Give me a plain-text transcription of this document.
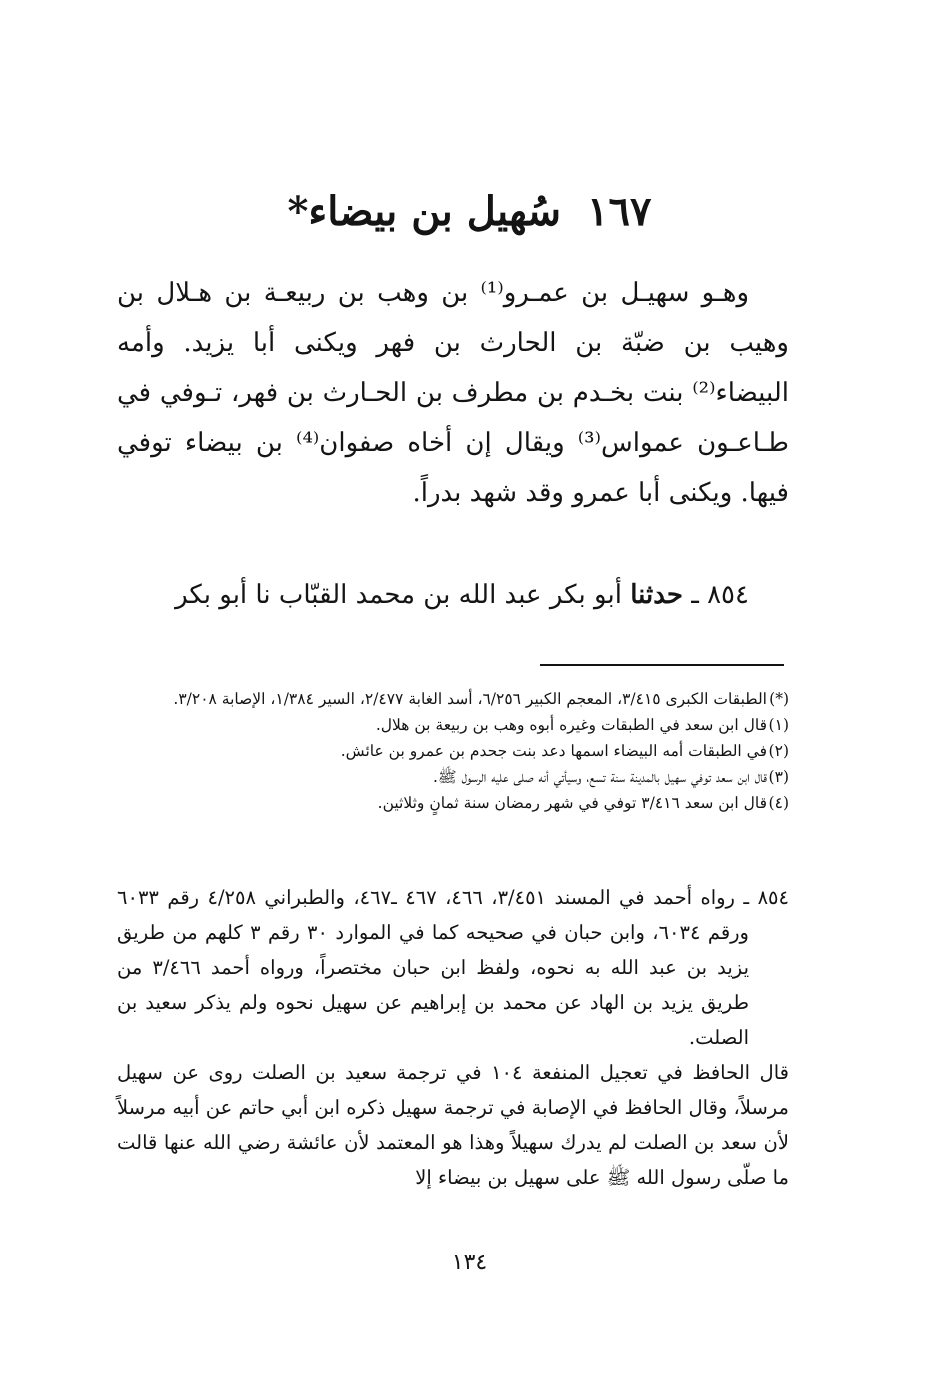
١٦٧سُهيل بن بيضاء*

وهـو سهيـل بن عمـرو⁽¹⁾ بن وهب بن ربيعـة بن هـلال بن وهيب بن ضبّة بن الحارث بن فهر ويكنى أبا يزيد. وأمه البيضاء⁽²⁾ بنت بخـدم بن مطرف بن الحـارث بن فهر، تـوفي في طـاعـون عمواس⁽³⁾ ويقال إن أخاه صفوان⁽⁴⁾ بن بيضاء توفي فيها. ويكنى أبا عمرو وقد شهد بدراً.

٨٥٤ ـ حدثنا أبو بكر عبد الله بن محمد القبّاب نا أبو بكر

(*)الطبقات الكبرى ٣/٤١٥، المعجم الكبير ٦/٢٥٦، أسد الغابة ٢/٤٧٧، السير ١/٣٨٤، الإصابة ٣/٢٠٨.

(١)قال ابن سعد في الطبقات وغيره أبوه وهب بن ربيعة بن هلال.

(٢)في الطبقات أمه البيضاء اسمها دعد بنت جحدم بن عمرو بن عائش.

(٣)قال ابن سعد توفي سهيل بالمدينة سنة تسع، وسيأتي أنه صلى عليه الرسول ﷺ.

(٤)قال ابن سعد ٣/٤١٦ توفي في شهر رمضان سنة ثمانٍ وثلاثين.

٨٥٤ ـ رواه أحمد في المسند ٣/٤٥١، ٤٦٦، ٤٦٧ ـ٤٦٧، والطبراني ٤/٢٥٨ رقم ٦٠٣٣ ورقم ٦٠٣٤، وابن حبان في صحيحه كما في الموارد ٣٠ رقم ٣ كلهم من طريق يزيد بن عبد الله به نحوه، ولفظ ابن حبان مختصراً، ورواه أحمد ٣/٤٦٦ من طريق يزيد بن الهاد عن محمد بن إبراهيم عن سهيل نحوه ولم يذكر سعيد بن الصلت.

قال الحافظ في تعجيل المنفعة ١٠٤ في ترجمة سعيد بن الصلت روى عن سهيل مرسلاً، وقال الحافظ في الإصابة في ترجمة سهيل ذكره ابن أبي حاتم عن أبيه مرسلاً لأن سعد بن الصلت لم يدرك سهيلاً وهذا هو المعتمد لأن عائشة رضي الله عنها قالت ما صلّى رسول الله ﷺ على سهيل بن بيضاء إلا

١٣٤
